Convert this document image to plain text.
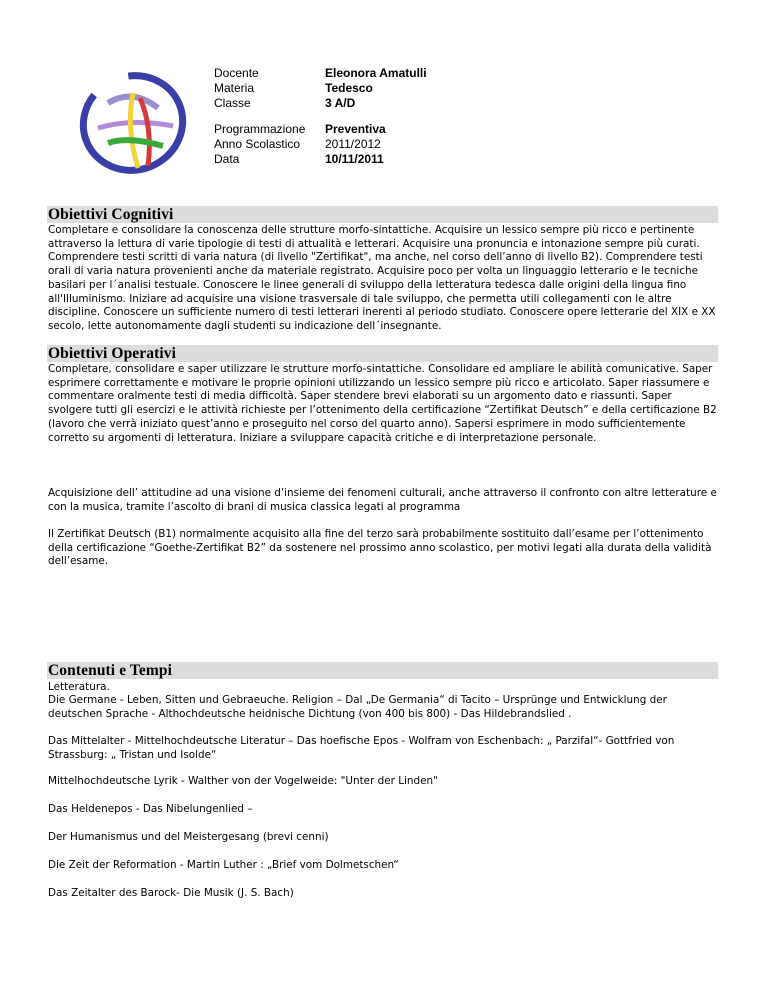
Docente	Eleonora Amatulli
Materia	Tedesco
Classe	3 A/D
Programmazione	Preventiva
Anno Scolastico	2011/2012
Data	10/11/2011
Obiettivi Cognitivi

Completare e consolidare la conoscenza delle strutture morfo-sintattiche. Acquisire un lessico sempre più ricco e pertinente attraverso la lettura di varie tipologie di testi di attualità e letterari. Acquisire una pronuncia e intonazione sempre più curati. Comprendere testi scritti di varia natura (di livello "Zertifikat", ma anche, nel corso dell’anno di livello B2). Comprendere testi orali di varia natura provenienti anche da materiale registrato. Acquisire poco per volta un linguaggio letterario e le tecniche basilari per l´analisi testuale. Conoscere le linee generali di sviluppo della letteratura tedesca dalle origini della lingua fino all'Illuminismo. Iniziare ad acquisire una visione trasversale di tale sviluppo, che permetta utili collegamenti con le altre discipline. Conoscere un sufficiente numero di testi letterari inerenti al periodo studiato. Conoscere opere letterarie del XIX e XX secolo, lette autonomamente dagli studenti su indicazione dell´insegnante.

Obiettivi Operativi

Completare, consolidare e saper utilizzare le strutture morfo-sintattiche. Consolidare ed ampliare le abilità comunicative. Saper esprimere correttamente e motivare le proprie opinioni utilizzando un lessico sempre più ricco e articolato. Saper riassumere e commentare oralmente testi di media difficoltà. Saper stendere brevi elaborati su un argomento dato e riassunti. Saper svolgere tutti gli esercizi e le attività richieste per l’ottenimento della certificazione “Zertifikat Deutsch” e della certificazione B2 (lavoro che verrà iniziato quest’anno e proseguito nel corso del quarto anno). Sapersi esprimere in modo sufficientemente corretto su argomenti di letteratura. Iniziare a sviluppare capacità critiche e di interpretazione personale.

Acquisizione dell’ attitudine ad una visione d’insieme dei fenomeni culturali, anche attraverso il confronto con altre letterature e con la musica, tramite l’ascolto di brani di musica classica legati al programma

Il Zertifikat Deutsch (B1) normalmente acquisito alla fine del terzo sarà probabilmente sostituito dall’esame per l’ottenimento della certificazione “Goethe-Zertifikat B2” da sostenere nel prossimo anno scolastico, per motivi legati alla durata della validità dell’esame.

Contenuti e Tempi

Letteratura.

Die Germane - Leben, Sitten und Gebraeuche. Religion – Dal „De Germania“ di Tacito – Ursprünge und Entwicklung der deutschen Sprache - Althochdeutsche heidnische Dichtung (von 400 bis 800) - Das Hildebrandslied .

Das Mittelalter - Mittelhochdeutsche Literatur – Das hoefische Epos - Wolfram von Eschenbach: „ Parzifal“- Gottfried von Strassburg: „ Tristan und Isolde“

Mittelhochdeutsche Lyrik - Walther von der Vogelweide: "Unter der Linden"

Das Heldenepos - Das Nibelungenlied –

Der Humanismus und del Meistergesang (brevi cenni)

Die Zeit der Reformation - Martin Luther : „Brief vom Dolmetschen“

Das Zeitalter des Barock- Die Musik (J. S. Bach)
